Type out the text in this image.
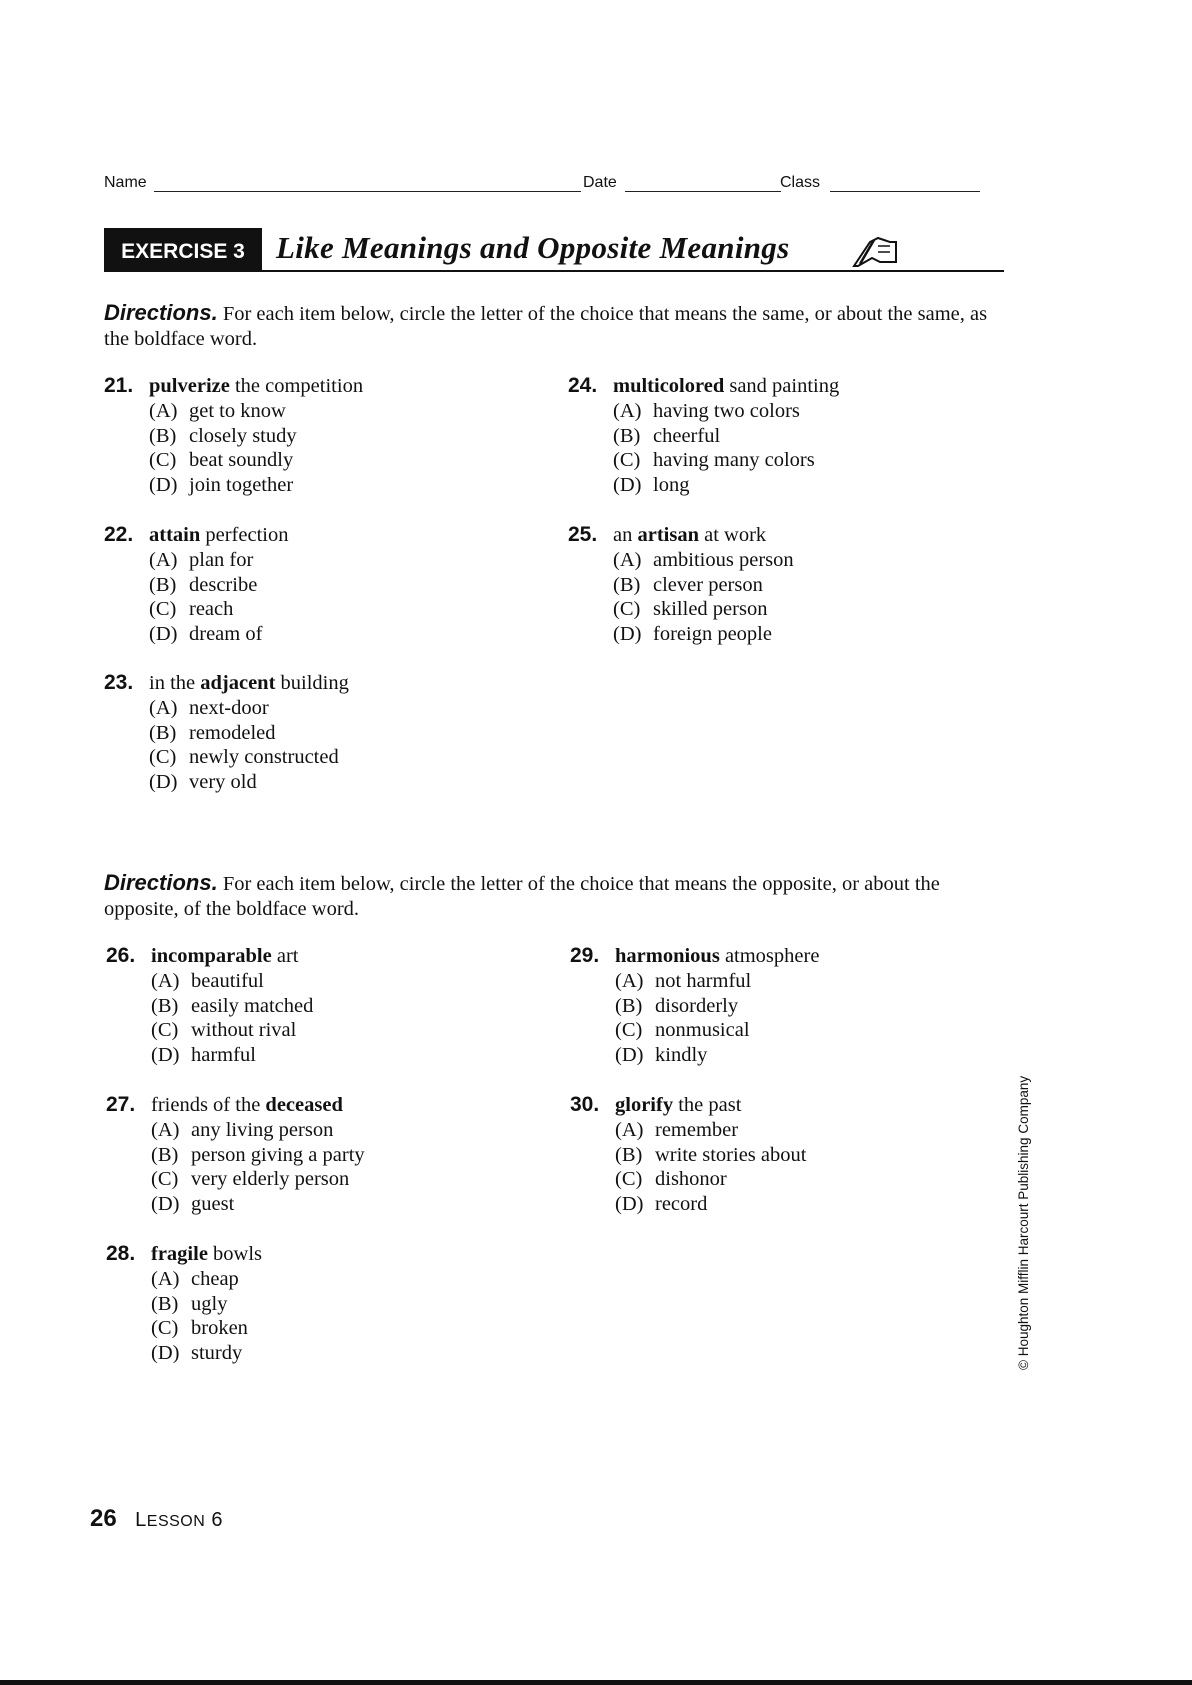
Name	Date	Class
EXERCISE 3	Like Meanings and Opposite Meanings
Directions. For each item below, circle the letter of the choice that means the same, or about the same, as the boldface word.
21. pulverize the competition
(A) get to know
(B) closely study
(C) beat soundly
(D) join together
22. attain perfection
(A) plan for
(B) describe
(C) reach
(D) dream of
23. in the adjacent building
(A) next-door
(B) remodeled
(C) newly constructed
(D) very old
24. multicolored sand painting
(A) having two colors
(B) cheerful
(C) having many colors
(D) long
25. an artisan at work
(A) ambitious person
(B) clever person
(C) skilled person
(D) foreign people
Directions. For each item below, circle the letter of the choice that means the opposite, or about the opposite, of the boldface word.
26. incomparable art
(A) beautiful
(B) easily matched
(C) without rival
(D) harmful
27. friends of the deceased
(A) any living person
(B) person giving a party
(C) very elderly person
(D) guest
28. fragile bowls
(A) cheap
(B) ugly
(C) broken
(D) sturdy
29. harmonious atmosphere
(A) not harmful
(B) disorderly
(C) nonmusical
(D) kindly
30. glorify the past
(A) remember
(B) write stories about
(C) dishonor
(D) record	© Houghton Mifflin Harcourt Publishing Company
26 LESSON 6
